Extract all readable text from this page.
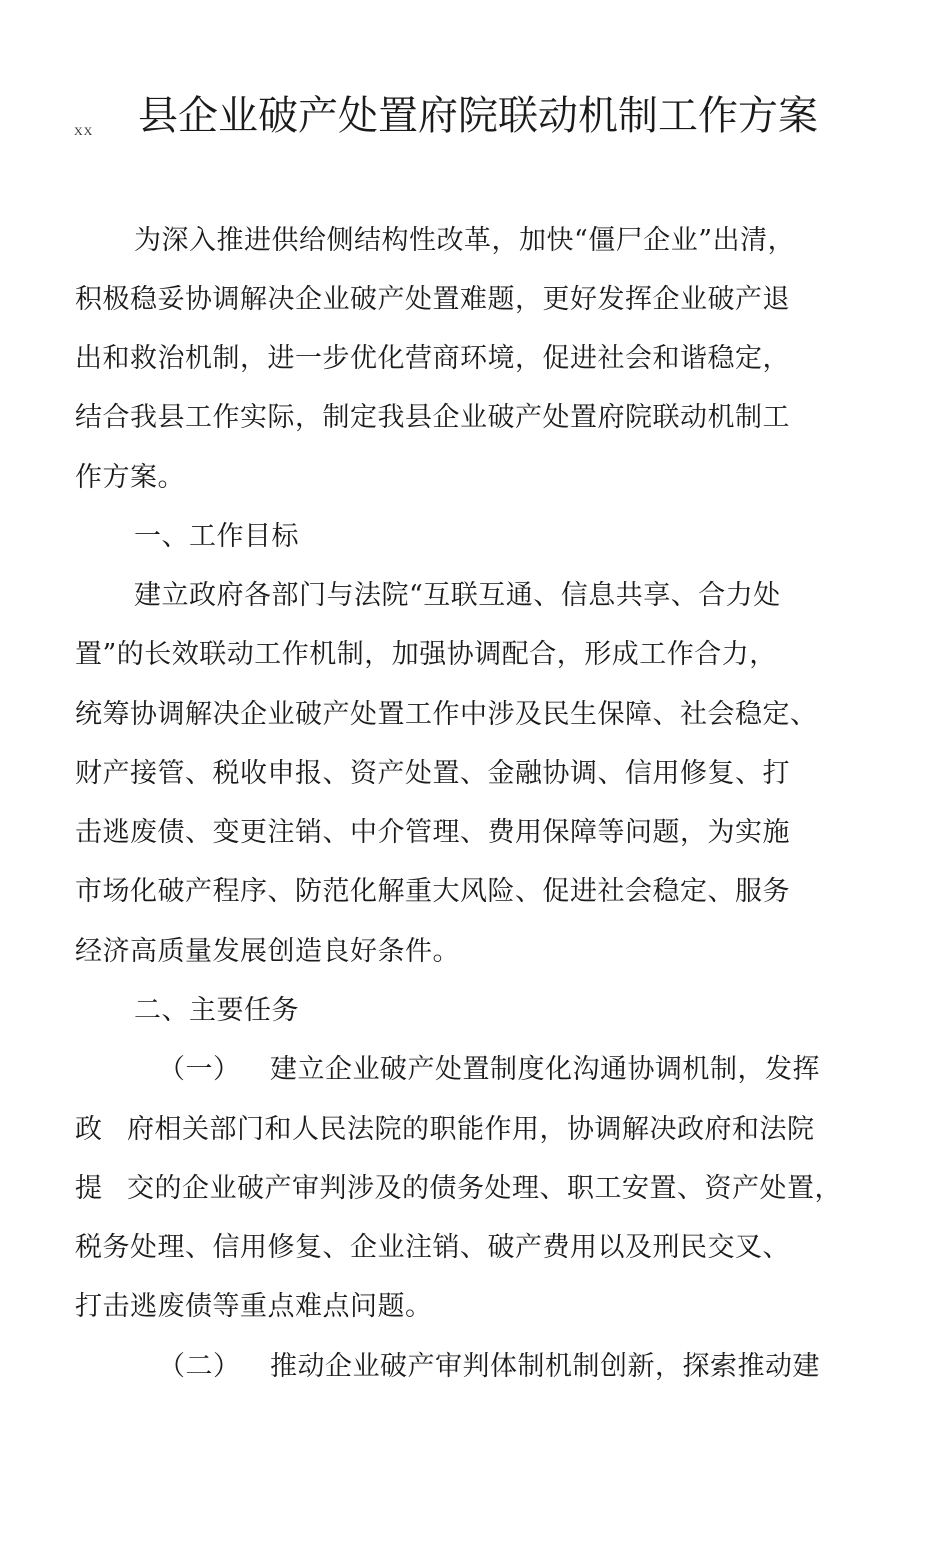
XX 县企业破产处置府院联动机制工作方案
为深入推进供给侧结构性改革，加快“僵尸企业”出清，
积极稳妥协调解决企业破产处置难题，更好发挥企业破产退
出和救治机制，进一步优化营商环境，促进社会和谐稳定，
结合我县工作实际，制定我县企业破产处置府院联动机制工
作方案。
一、工作目标
建立政府各部门与法院“互联互通、信息共享、合力处
置”的长效联动工作机制，加强协调配合，形成工作合力，
统筹协调解决企业破产处置工作中涉及民生保障、社会稳定、
财产接管、税收申报、资产处置、金融协调、信用修复、打
击逃废债、变更注销、中介管理、费用保障等问题，为实施
市场化破产程序、防范化解重大风险、促进社会稳定、服务
经济高质量发展创造良好条件。
二、主要任务
（一） 建立企业破产处置制度化沟通协调机制，发挥
政 府相关部门和人民法院的职能作用，协调解决政府和法院
提 交的企业破产审判涉及的债务处理、职工安置、资产处置，
税务处理、信用修复、企业注销、破产费用以及刑民交叉、
打击逃废债等重点难点问题。
（二） 推动企业破产审判体制机制创新，探索推动建
